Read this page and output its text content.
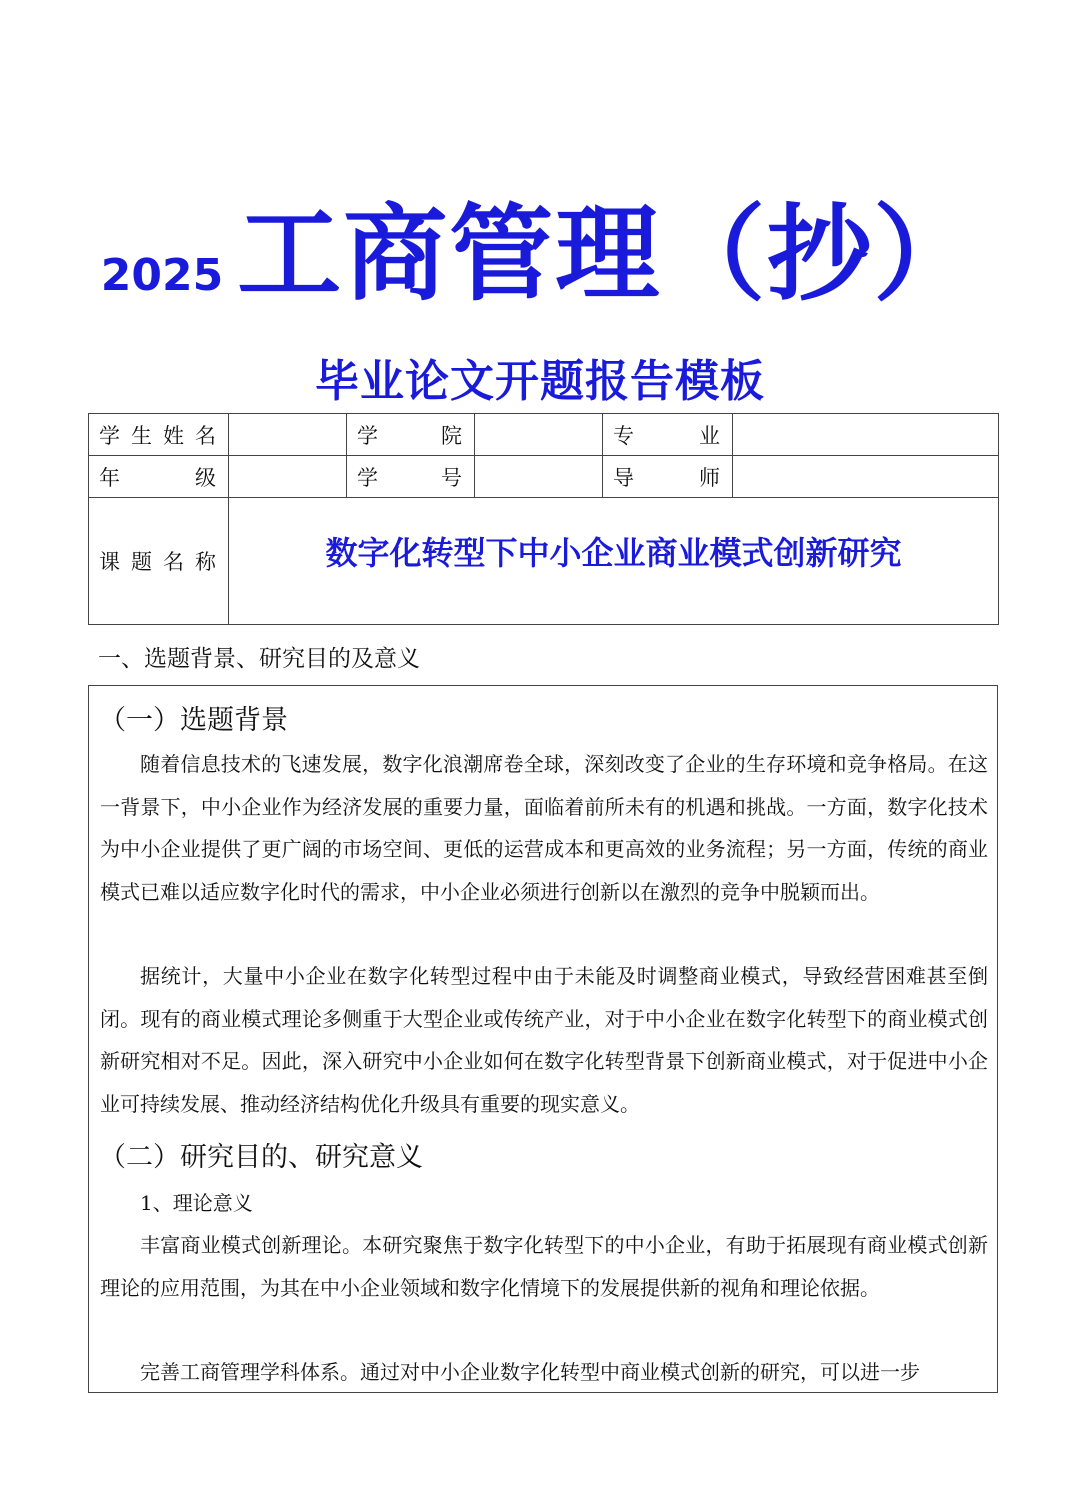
2025 工商管理（抄）
毕业论文开题报告模板
学生姓名		学院		专业	
年级		学号		导师	
课题名称	数字化转型下中小企业商业模式创新研究				
一、选题背景、研究目的及意义
（一）选题背景

随着信息技术的飞速发展，数字化浪潮席卷全球，深刻改变了企业的生存环境和竞争格局。在这一背景下，中小企业作为经济发展的重要力量，面临着前所未有的机遇和挑战。一方面，数字化技术为中小企业提供了更广阔的市场空间、更低的运营成本和更高效的业务流程；另一方面，传统的商业模式已难以适应数字化时代的需求，中小企业必须进行创新以在激烈的竞争中脱颖而出。

据统计，大量中小企业在数字化转型过程中由于未能及时调整商业模式，导致经营困难甚至倒闭。现有的商业模式理论多侧重于大型企业或传统产业，对于中小企业在数字化转型下的商业模式创新研究相对不足。因此，深入研究中小企业如何在数字化转型背景下创新商业模式，对于促进中小企业可持续发展、推动经济结构优化升级具有重要的现实意义。

（二）研究目的、研究意义

1、理论意义

丰富商业模式创新理论。本研究聚焦于数字化转型下的中小企业，有助于拓展现有商业模式创新理论的应用范围，为其在中小企业领域和数字化情境下的发展提供新的视角和理论依据。

完善工商管理学科体系。通过对中小企业数字化转型中商业模式创新的研究，可以进一步
